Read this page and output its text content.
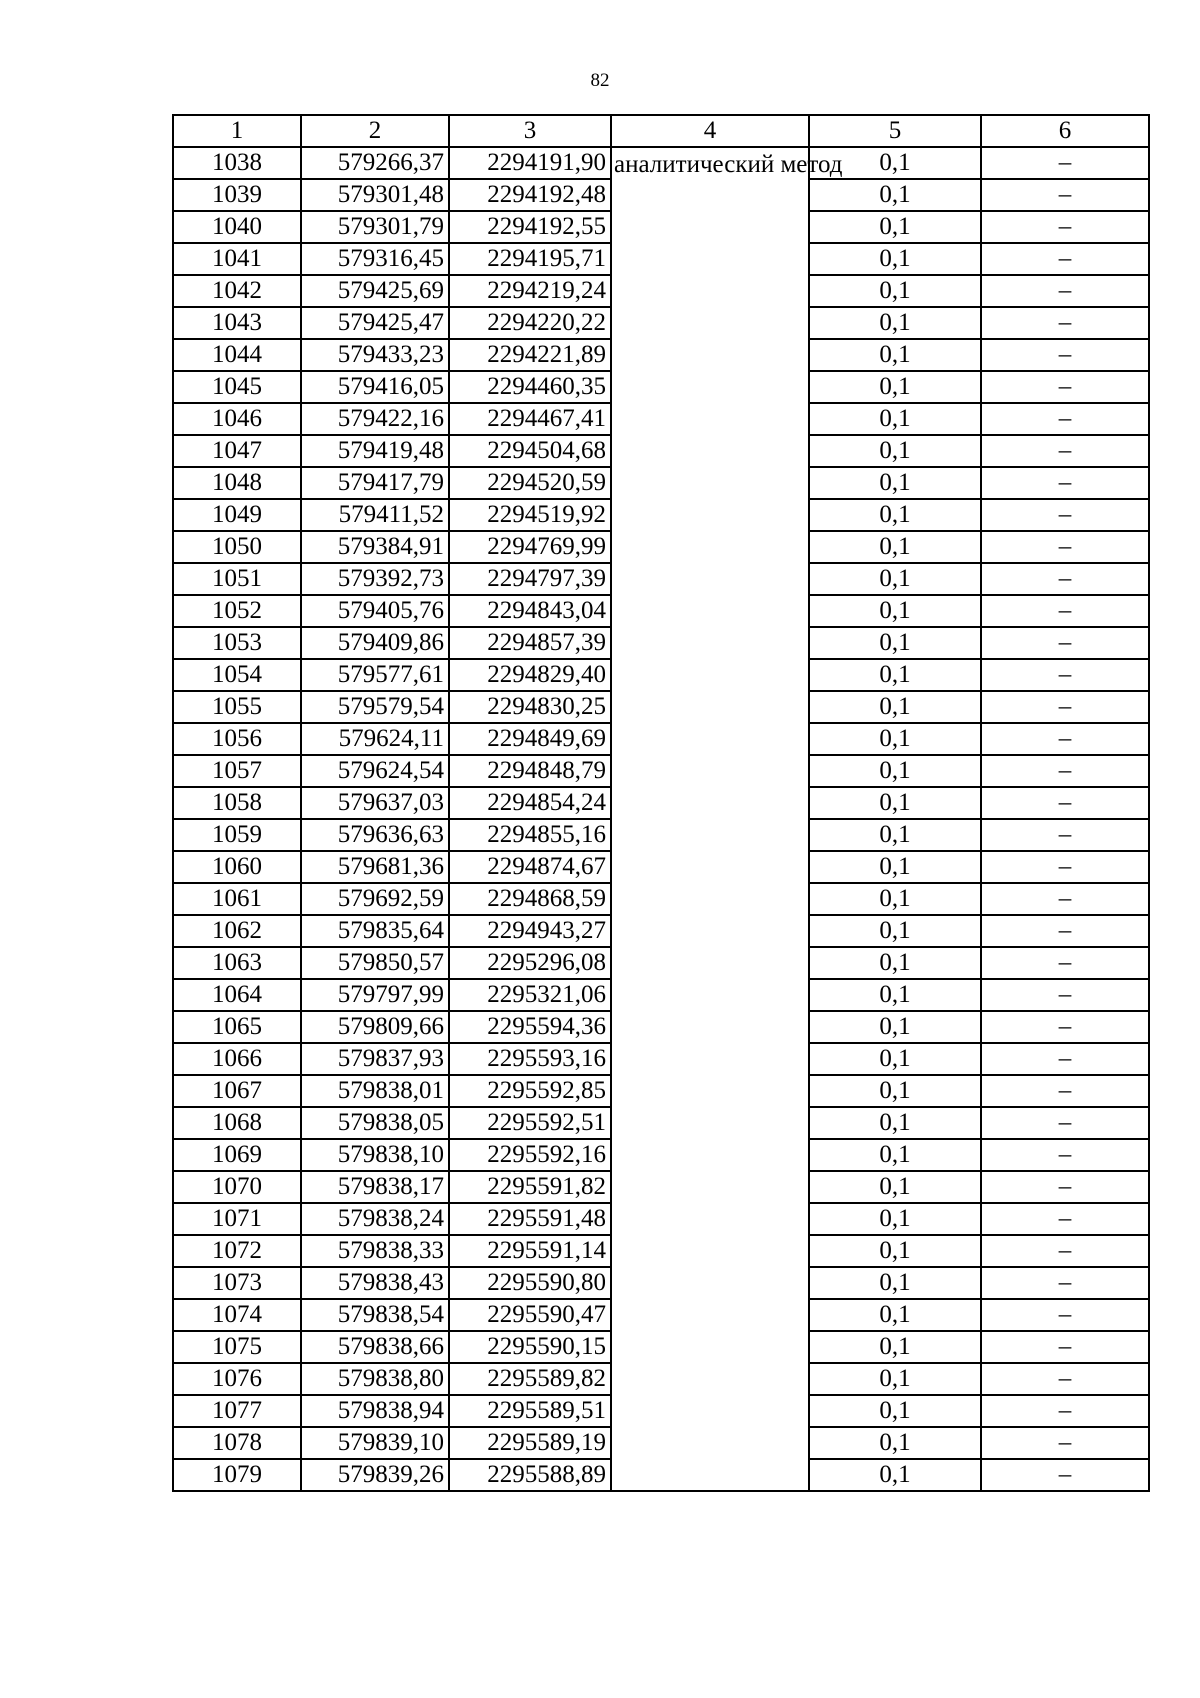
82
1	2	3	4	5	6
1038	579266,37	2294191,90	аналитический метод	0,1	–
1039	579301,48	2294192,48		0,1	–
1040	579301,79	2294192,55		0,1	–
1041	579316,45	2294195,71		0,1	–
1042	579425,69	2294219,24		0,1	–
1043	579425,47	2294220,22		0,1	–
1044	579433,23	2294221,89		0,1	–
1045	579416,05	2294460,35		0,1	–
1046	579422,16	2294467,41		0,1	–
1047	579419,48	2294504,68		0,1	–
1048	579417,79	2294520,59		0,1	–
1049	579411,52	2294519,92		0,1	–
1050	579384,91	2294769,99		0,1	–
1051	579392,73	2294797,39		0,1	–
1052	579405,76	2294843,04		0,1	–
1053	579409,86	2294857,39		0,1	–
1054	579577,61	2294829,40		0,1	–
1055	579579,54	2294830,25		0,1	–
1056	579624,11	2294849,69		0,1	–
1057	579624,54	2294848,79		0,1	–
1058	579637,03	2294854,24		0,1	–
1059	579636,63	2294855,16		0,1	–
1060	579681,36	2294874,67		0,1	–
1061	579692,59	2294868,59		0,1	–
1062	579835,64	2294943,27		0,1	–
1063	579850,57	2295296,08		0,1	–
1064	579797,99	2295321,06		0,1	–
1065	579809,66	2295594,36		0,1	–
1066	579837,93	2295593,16		0,1	–
1067	579838,01	2295592,85		0,1	–
1068	579838,05	2295592,51		0,1	–
1069	579838,10	2295592,16		0,1	–
1070	579838,17	2295591,82		0,1	–
1071	579838,24	2295591,48		0,1	–
1072	579838,33	2295591,14		0,1	–
1073	579838,43	2295590,80		0,1	–
1074	579838,54	2295590,47		0,1	–
1075	579838,66	2295590,15		0,1	–
1076	579838,80	2295589,82		0,1	–
1077	579838,94	2295589,51		0,1	–
1078	579839,10	2295589,19		0,1	–
1079	579839,26	2295588,89		0,1	–
